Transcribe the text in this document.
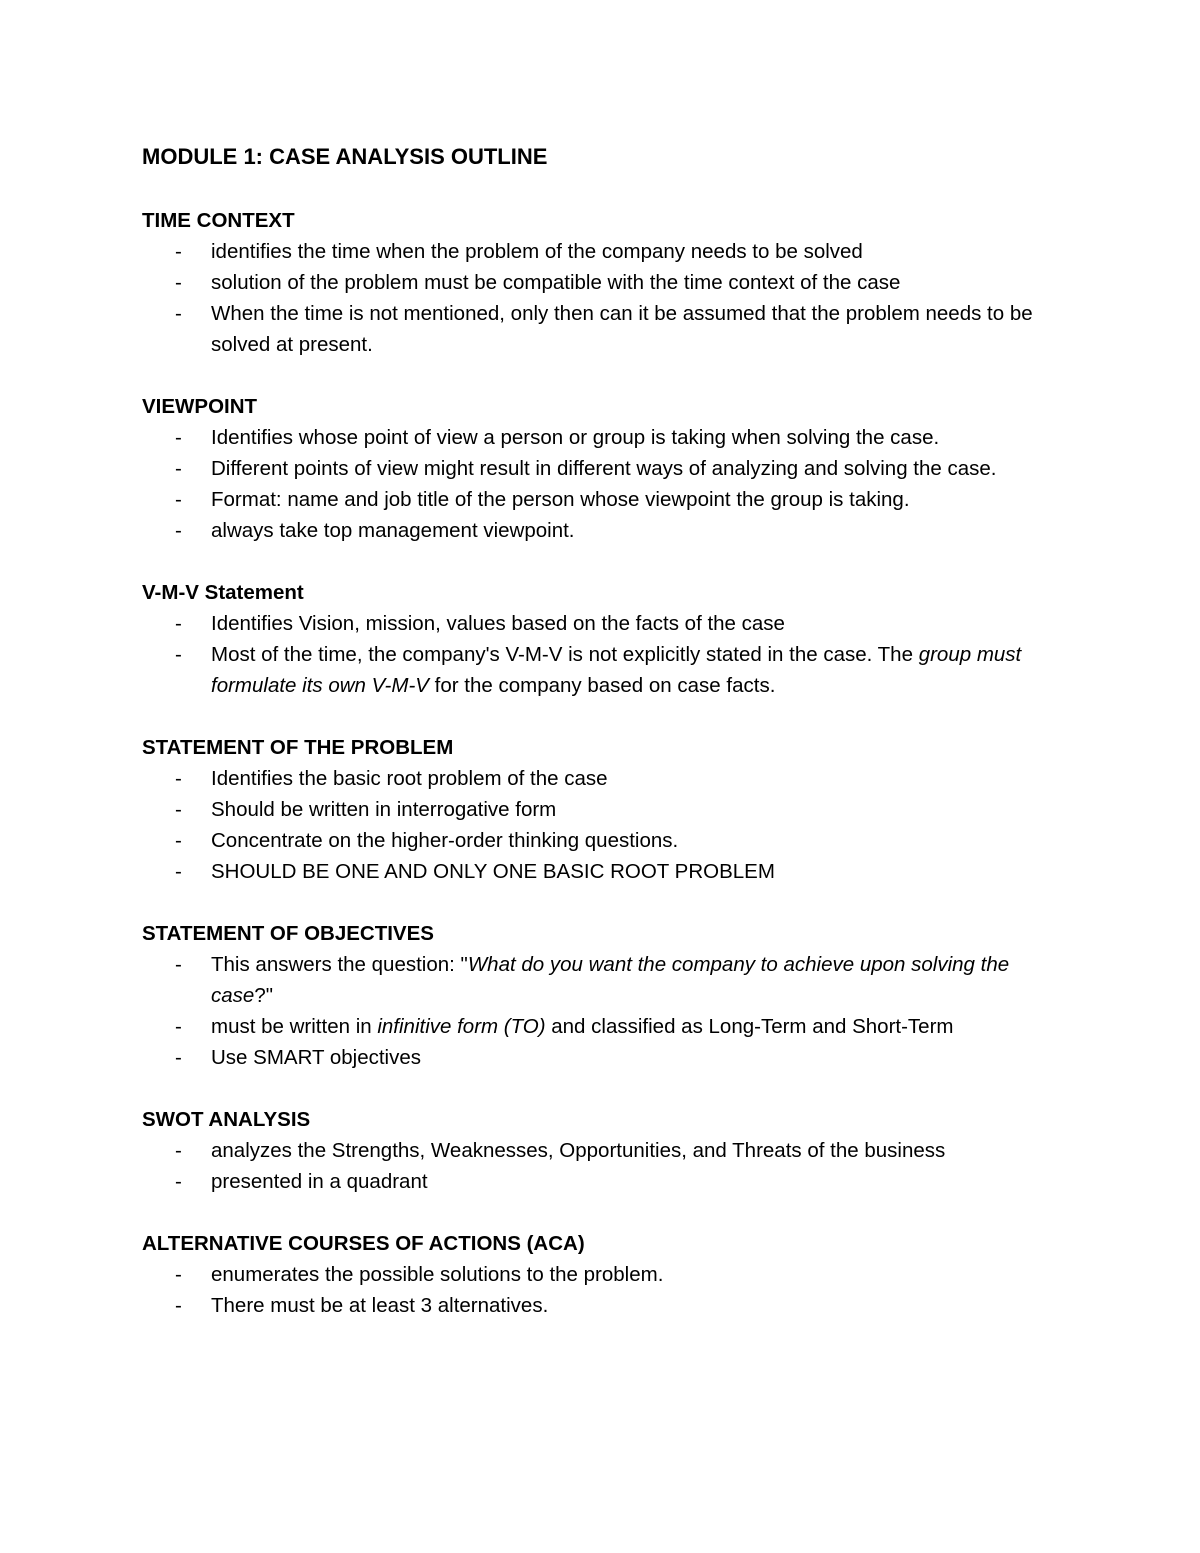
MODULE 1: CASE ANALYSIS OUTLINE
TIME CONTEXT
- identifies the time when the problem of the company needs to be solved
- solution of the problem must be compatible with the time context of the case
- When the time is not mentioned, only then can it be assumed that the problem needs to be solved at present.
VIEWPOINT
- Identifies whose point of view a person or group is taking when solving the case.
- Different points of view might result in different ways of analyzing and solving the case.
- Format: name and job title of the person whose viewpoint the group is taking.
- always take top management viewpoint.
V-M-V Statement
- Identifies Vision, mission, values based on the facts of the case
- Most of the time, the company's V-M-V is not explicitly stated in the case. The group must formulate its own V-M-V for the company based on case facts.
STATEMENT OF THE PROBLEM
- Identifies the basic root problem of the case
- Should be written in interrogative form
- Concentrate on the higher-order thinking questions.
- SHOULD BE ONE AND ONLY ONE BASIC ROOT PROBLEM
STATEMENT OF OBJECTIVES
- This answers the question: "What do you want the company to achieve upon solving the case?"
- must be written in infinitive form (TO) and classified as Long-Term and Short-Term
- Use SMART objectives
SWOT ANALYSIS
- analyzes the Strengths, Weaknesses, Opportunities, and Threats of the business
- presented in a quadrant
ALTERNATIVE COURSES OF ACTIONS (ACA)
- enumerates the possible solutions to the problem.
- There must be at least 3 alternatives.
